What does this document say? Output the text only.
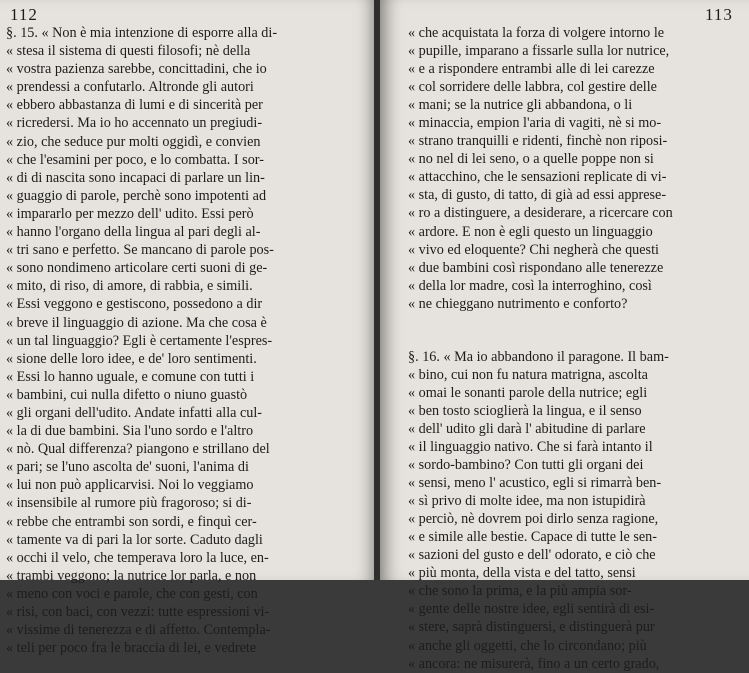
112
§. 15. « Non è mia intenzione di esporre alla di-
« stesa il sistema di questi filosofi; nè della
« vostra pazienza sarebbe, concittadini, che io
« prendessi a confutarlo. Altronde gli autori
« ebbero abbastanza di lumi e di sincerità per
« ricredersi. Ma io ho accennato un pregiudi-
« zio, che seduce pur molti oggidì, e convien
« che l'esamini per poco, e lo combatta. I sor-
« di di nascita sono incapaci di parlare un lin-
« guaggio di parole, perchè sono impotenti ad
« impararlo per mezzo dell' udito. Essi però
« hanno l'organo della lingua al pari degli al-
« tri sano e perfetto. Se mancano di parole pos-
« sono nondimeno articolare certi suoni di ge-
« mito, di riso, di amore, di rabbia, e simili.
« Essi veggono e gestiscono, possedono a dir
« breve il linguaggio di azione. Ma che cosa è
« un tal linguaggio? Egli è certamente l'espres-
« sione delle loro idee, e de' loro sentimenti.
« Essi lo hanno uguale, e comune con tutti i
« bambini, cui nulla difetto o niuno guastò
« gli organi dell'udito. Andate infatti alla cul-
« la di due bambini. Sia l'uno sordo e l'altro
« nò. Qual differenza? piangono e strillano del
« pari; se l'uno ascolta de' suoni, l'anima di
« lui non può applicarvisi. Noi lo veggiamo
« insensibile al rumore più fragoroso; si di-
« rebbe che entrambi son sordi, e finquì cer-
« tamente va di pari la lor sorte. Caduto dagli
« occhi il velo, che temperava loro la luce, en-
« trambi veggono; la nutrice lor parla, e non
« meno con voci e parole, che con gesti, con
« risi, con baci, con vezzi: tutte espressioni vi-
« vissime di tenerezza e di affetto. Contempla-
« teli per poco fra le braccia di lei, e vedrete
113
« che acquistata la forza di volgere intorno le
« pupille, imparano a fissarle sulla lor nutrice,
« e a rispondere entrambi alle di lei carezze
« col sorridere delle labbra, col gestire delle
« mani; se la nutrice gli abbandona, o li
« minaccia, empion l'aria di vagiti, nè si mo-
« strano tranquilli e ridenti, finchè non riposi-
« no nel di lei seno, o a quelle poppe non si
« attacchino, che le sensazioni replicate di vi-
« sta, di gusto, di tatto, di già ad essi apprese-
« ro a distinguere, a desiderare, a ricercare con
« ardore. E non è egli questo un linguaggio
« vivo ed eloquente? Chi negherà che questi
« due bambini così rispondano alle tenerezze
« della lor madre, così la interroghino, così
« ne chieggano nutrimento e conforto?
§. 16. « Ma io abbandono il paragone. Il bam-
« bino, cui non fu natura matrigna, ascolta
« omai le sonanti parole della nutrice; egli
« ben tosto scioglierà la lingua, e il senso
« dell' udito gli darà l' abitudine di parlare
« il linguaggio nativo. Che si farà intanto il
« sordo-bambino? Con tutti gli organi dei
« sensi, meno l' acustico, egli si rimarrà ben-
« sì privo di molte idee, ma non istupidirà
« perciò, nè dovrem poi dirlo senza ragione,
« e simile alle bestie. Capace di tutte le sen-
« sazioni del gusto e dell' odorato, e ciò che
« più monta, della vista e del tatto, sensi
« che sono la prima, e la più ampia sor-
« gente delle nostre idee, egli sentirà di esi-
« stere, saprà distinguersi, e distinguerà pur
« anche gli oggetti, che lo circondano; più
« ancora: ne misurerà, fino a un certo grado,
